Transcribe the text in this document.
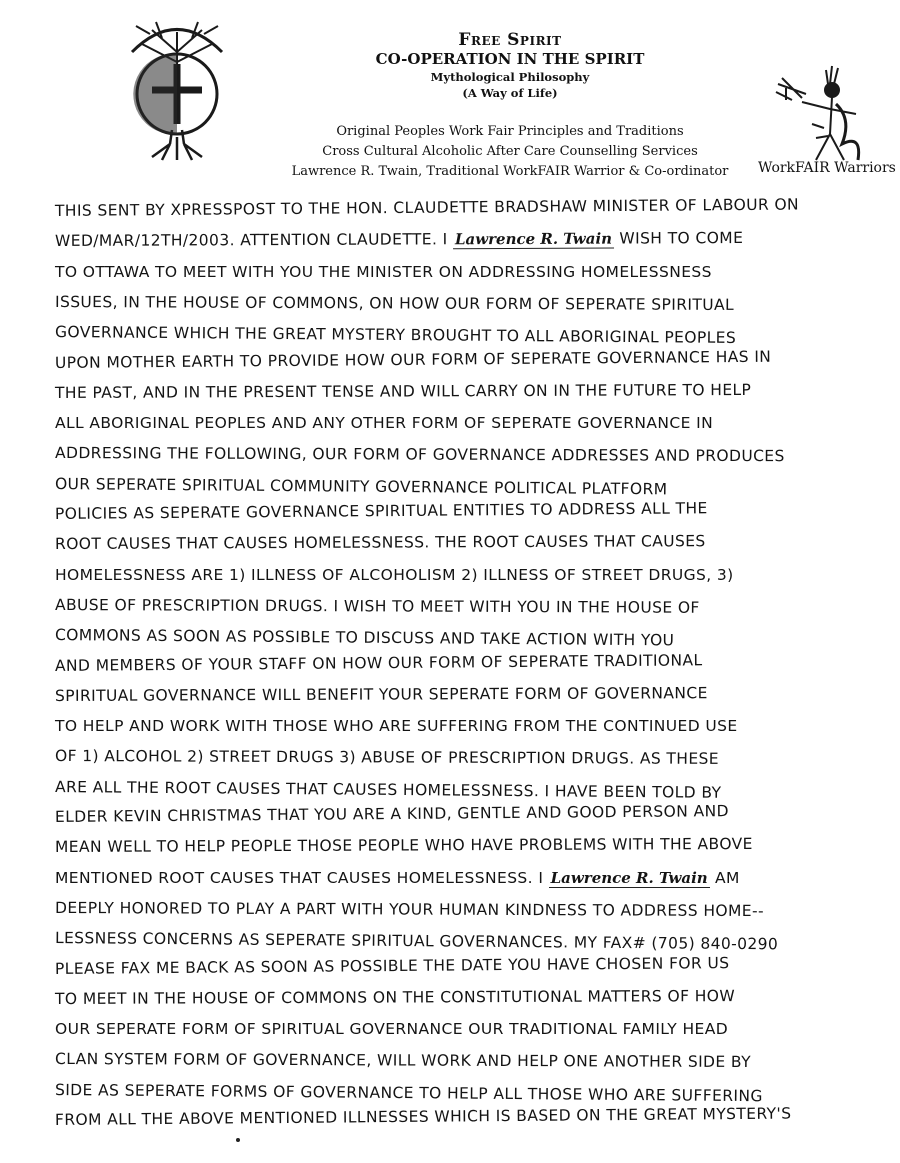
Free Spirit
CO-OPERATION IN THE SPIRIT
Mythological Philosophy
(A Way of Life)
Original Peoples Work Fair Principles and Traditions
Cross Cultural Alcoholic After Care Counselling Services
Lawrence R. Twain, Traditional WorkFAIR Warrior & Co-ordinator	WorkFAIR Warriors
THIS SENT BY XPRESSPOST TO THE HON. CLAUDETTE BRADSHAW MINISTER OF LABOUR ON
WED/MAR/12TH/2003. ATTENTION CLAUDETTE. I Lawrence R. Twain WISH TO COME
TO OTTAWA TO MEET WITH YOU THE MINISTER ON ADDRESSING HOMELESSNESS
ISSUES, IN THE HOUSE OF COMMONS, ON HOW OUR FORM OF SEPERATE SPIRITUAL
GOVERNANCE WHICH THE GREAT MYSTERY BROUGHT TO ALL ABORIGINAL PEOPLES
UPON MOTHER EARTH TO PROVIDE HOW OUR FORM OF SEPERATE GOVERNANCE HAS IN
THE PAST, AND IN THE PRESENT TENSE AND WILL CARRY ON IN THE FUTURE TO HELP
ALL ABORIGINAL PEOPLES AND ANY OTHER FORM OF SEPERATE GOVERNANCE IN
ADDRESSING THE FOLLOWING, OUR FORM OF GOVERNANCE ADDRESSES AND PRODUCES
OUR SEPERATE SPIRITUAL COMMUNITY GOVERNANCE POLITICAL PLATFORM
POLICIES AS SEPERATE GOVERNANCE SPIRITUAL ENTITIES TO ADDRESS ALL THE
ROOT CAUSES THAT CAUSES HOMELESSNESS. THE ROOT CAUSES THAT CAUSES
HOMELESSNESS ARE 1) ILLNESS OF ALCOHOLISM 2) ILLNESS OF STREET DRUGS, 3)
ABUSE OF PRESCRIPTION DRUGS. I WISH TO MEET WITH YOU IN THE HOUSE OF
COMMONS AS SOON AS POSSIBLE TO DISCUSS AND TAKE ACTION WITH YOU
AND MEMBERS OF YOUR STAFF ON HOW OUR FORM OF SEPERATE TRADITIONAL
SPIRITUAL GOVERNANCE WILL BENEFIT YOUR SEPERATE FORM OF GOVERNANCE
TO HELP AND WORK WITH THOSE WHO ARE SUFFERING FROM THE CONTINUED USE
OF 1) ALCOHOL 2) STREET DRUGS 3) ABUSE OF PRESCRIPTION DRUGS. AS THESE
ARE ALL THE ROOT CAUSES THAT CAUSES HOMELESSNESS. I HAVE BEEN TOLD BY
ELDER KEVIN CHRISTMAS THAT YOU ARE A KIND, GENTLE AND GOOD PERSON AND
MEAN WELL TO HELP PEOPLE THOSE PEOPLE WHO HAVE PROBLEMS WITH THE ABOVE
MENTIONED ROOT CAUSES THAT CAUSES HOMELESSNESS. I Lawrence R. Twain AM
DEEPLY HONORED TO PLAY A PART WITH YOUR HUMAN KINDNESS TO ADDRESS HOME--
LESSNESS CONCERNS AS SEPERATE SPIRITUAL GOVERNANCES. MY FAX# (705) 840-0290
PLEASE FAX ME BACK AS SOON AS POSSIBLE THE DATE YOU HAVE CHOSEN FOR US
TO MEET IN THE HOUSE OF COMMONS ON THE CONSTITUTIONAL MATTERS OF HOW
OUR SEPERATE FORM OF SPIRITUAL GOVERNANCE OUR TRADITIONAL FAMILY HEAD
CLAN SYSTEM FORM OF GOVERNANCE, WILL WORK AND HELP ONE ANOTHER SIDE BY
SIDE AS SEPERATE FORMS OF GOVERNANCE TO HELP ALL THOSE WHO ARE SUFFERING
FROM ALL THE ABOVE MENTIONED ILLNESSES WHICH IS BASED ON THE GREAT MYSTERY'S
